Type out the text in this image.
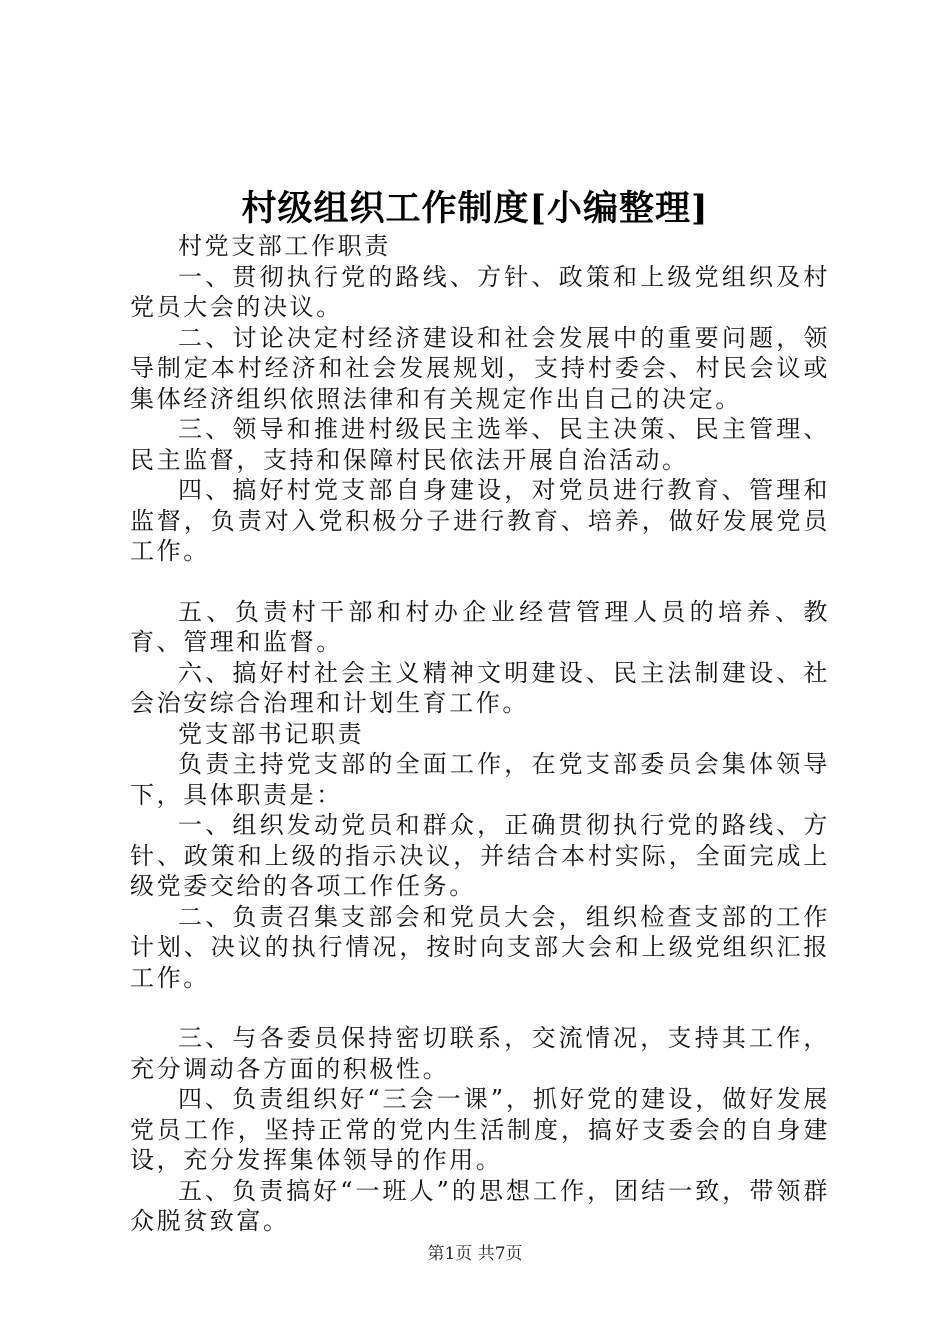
村级组织工作制度[小编整理]

村党支部工作职责

一、贯彻执行党的路线、方针、政策和上级党组织及村党员大会的决议。

二、讨论决定村经济建设和社会发展中的重要问题，领导制定本村经济和社会发展规划，支持村委会、村民会议或集体经济组织依照法律和有关规定作出自己的决定。

三、领导和推进村级民主选举、民主决策、民主管理、民主监督，支持和保障村民依法开展自治活动。

四、搞好村党支部自身建设，对党员进行教育、管理和监督，负责对入党积极分子进行教育、培养，做好发展党员工作。

五、负责村干部和村办企业经营管理人员的培养、教育、管理和监督。

六、搞好村社会主义精神文明建设、民主法制建设、社会治安综合治理和计划生育工作。

党支部书记职责

负责主持党支部的全面工作，在党支部委员会集体领导下，具体职责是：

一、组织发动党员和群众，正确贯彻执行党的路线、方针、政策和上级的指示决议，并结合本村实际，全面完成上级党委交给的各项工作任务。

二、负责召集支部会和党员大会，组织检查支部的工作计划、决议的执行情况，按时向支部大会和上级党组织汇报工作。

三、与各委员保持密切联系，交流情况，支持其工作，充分调动各方面的积极性。

四、负责组织好“三会一课”，抓好党的建设，做好发展党员工作，坚持正常的党内生活制度，搞好支委会的自身建设，充分发挥集体领导的作用。

五、负责搞好“一班人”的思想工作，团结一致，带领群众脱贫致富。

第1页 共7页
